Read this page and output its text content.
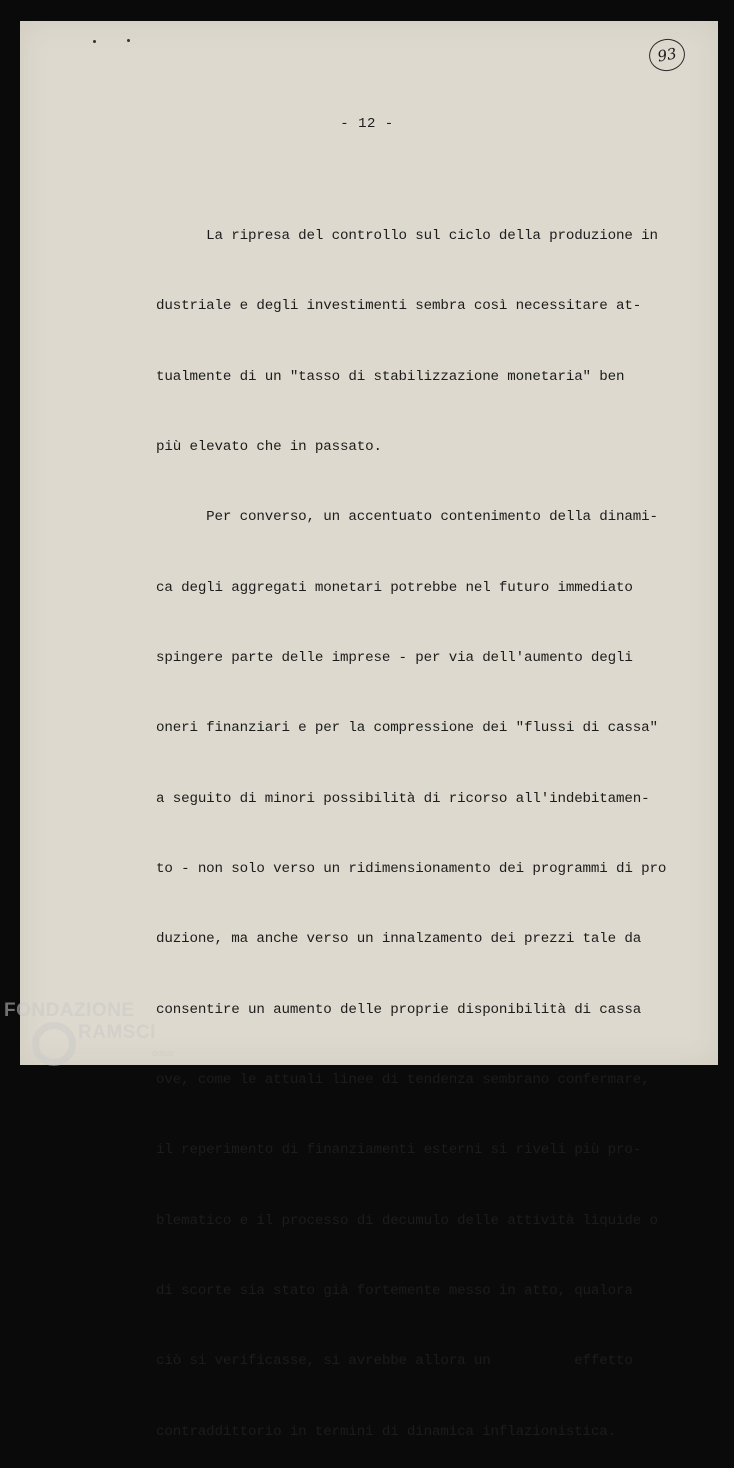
93
- 12 -

La ripresa del controllo sul ciclo della produzione in

dustriale e degli investimenti sembra così necessitare at-

tualmente di un "tasso di stabilizzazione monetaria" ben

più elevato che in passato.

Per converso, un accentuato contenimento della dinami-

ca degli aggregati monetari potrebbe nel futuro immediato

spingere parte delle imprese - per via dell'aumento degli

oneri finanziari e per la compressione dei "flussi di cassa"

a seguito di minori possibilità di ricorso all'indebitamen-

to - non solo verso un ridimensionamento dei programmi di pro

duzione, ma anche verso un innalzamento dei prezzi tale da

consentire un aumento delle proprie disponibilità di cassa

ove, come le attuali linee di tendenza sembrano confermare,

il reperimento di finanziamenti esterni si riveli più pro-

blematico e il processo di decumulo delle attività liquide o

di scorte sia stato già fortemente messo in atto, qualora

ciò si verificasse, si avrebbe allora un          effetto

contraddittorio in termini di dinamica inflazionistica.

FONDAZIONE
RAMSCI
onlus
